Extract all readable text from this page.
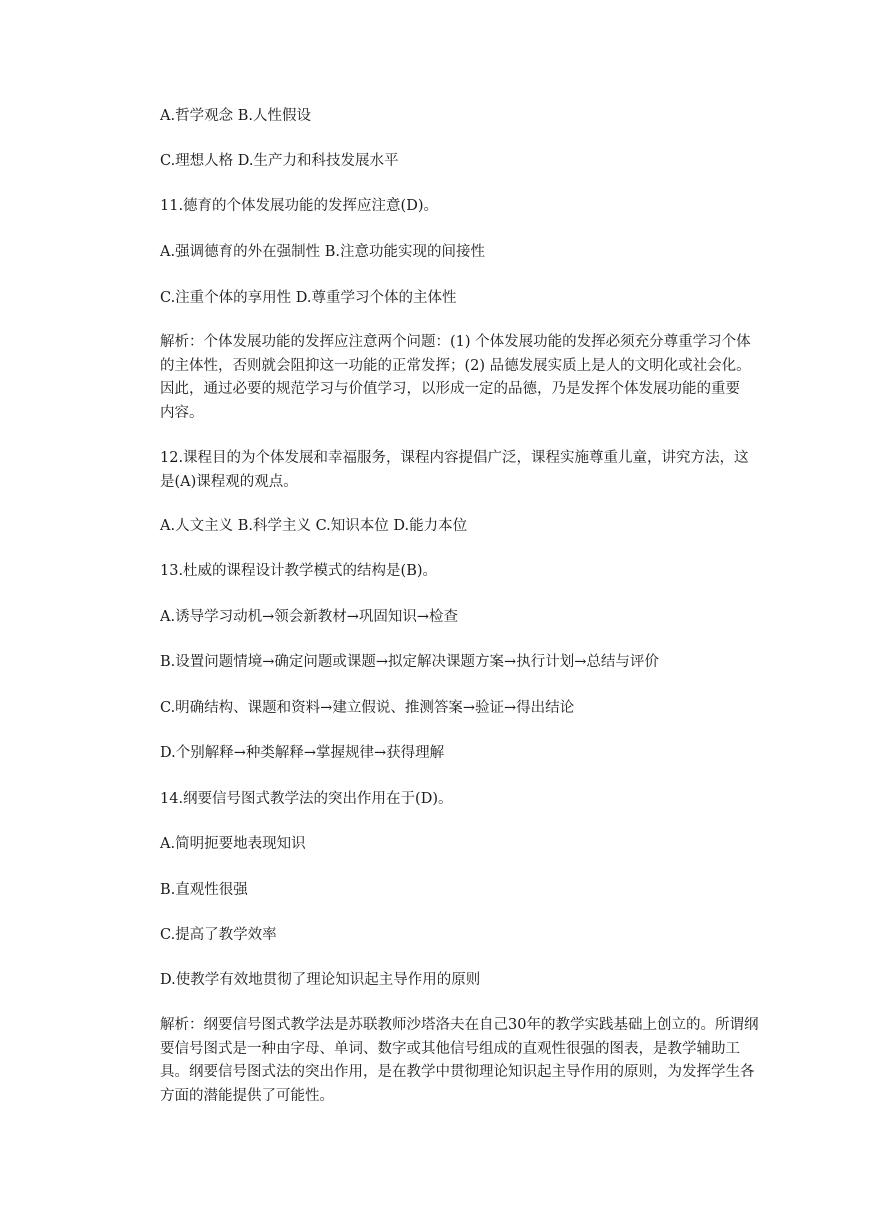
A.哲学观念 B.人性假设
C.理想人格 D.生产力和科技发展水平
11.德育的个体发展功能的发挥应注意(D)。
A.强调德育的外在强制性 B.注意功能实现的间接性
C.注重个体的享用性 D.尊重学习个体的主体性
解析：个体发展功能的发挥应注意两个问题：(1) 个体发展功能的发挥必须充分尊重学习个体的主体性，否则就会阻抑这一功能的正常发挥；(2) 品德发展实质上是人的文明化或社会化。因此，通过必要的规范学习与价值学习，以形成一定的品德，乃是发挥个体发展功能的重要内容。
12.课程目的为个体发展和幸福服务，课程内容提倡广泛，课程实施尊重儿童，讲究方法，这是(A)课程观的观点。
A.人文主义 B.科学主义 C.知识本位 D.能力本位
13.杜威的课程设计教学模式的结构是(B)。
A.诱导学习动机→领会新教材→巩固知识→检查
B.设置问题情境→确定问题或课题→拟定解决课题方案→执行计划→总结与评价
C.明确结构、课题和资料→建立假说、推测答案→验证→得出结论
D.个别解释→种类解释→掌握规律→获得理解
14.纲要信号图式教学法的突出作用在于(D)。
A.简明扼要地表现知识
B.直观性很强
C.提高了教学效率
D.使教学有效地贯彻了理论知识起主导作用的原则
解析：纲要信号图式教学法是苏联教师沙塔洛夫在自己30年的教学实践基础上创立的。所谓纲要信号图式是一种由字母、单词、数字或其他信号组成的直观性很强的图表，是教学辅助工具。纲要信号图式法的突出作用，是在教学中贯彻理论知识起主导作用的原则，为发挥学生各方面的潜能提供了可能性。
